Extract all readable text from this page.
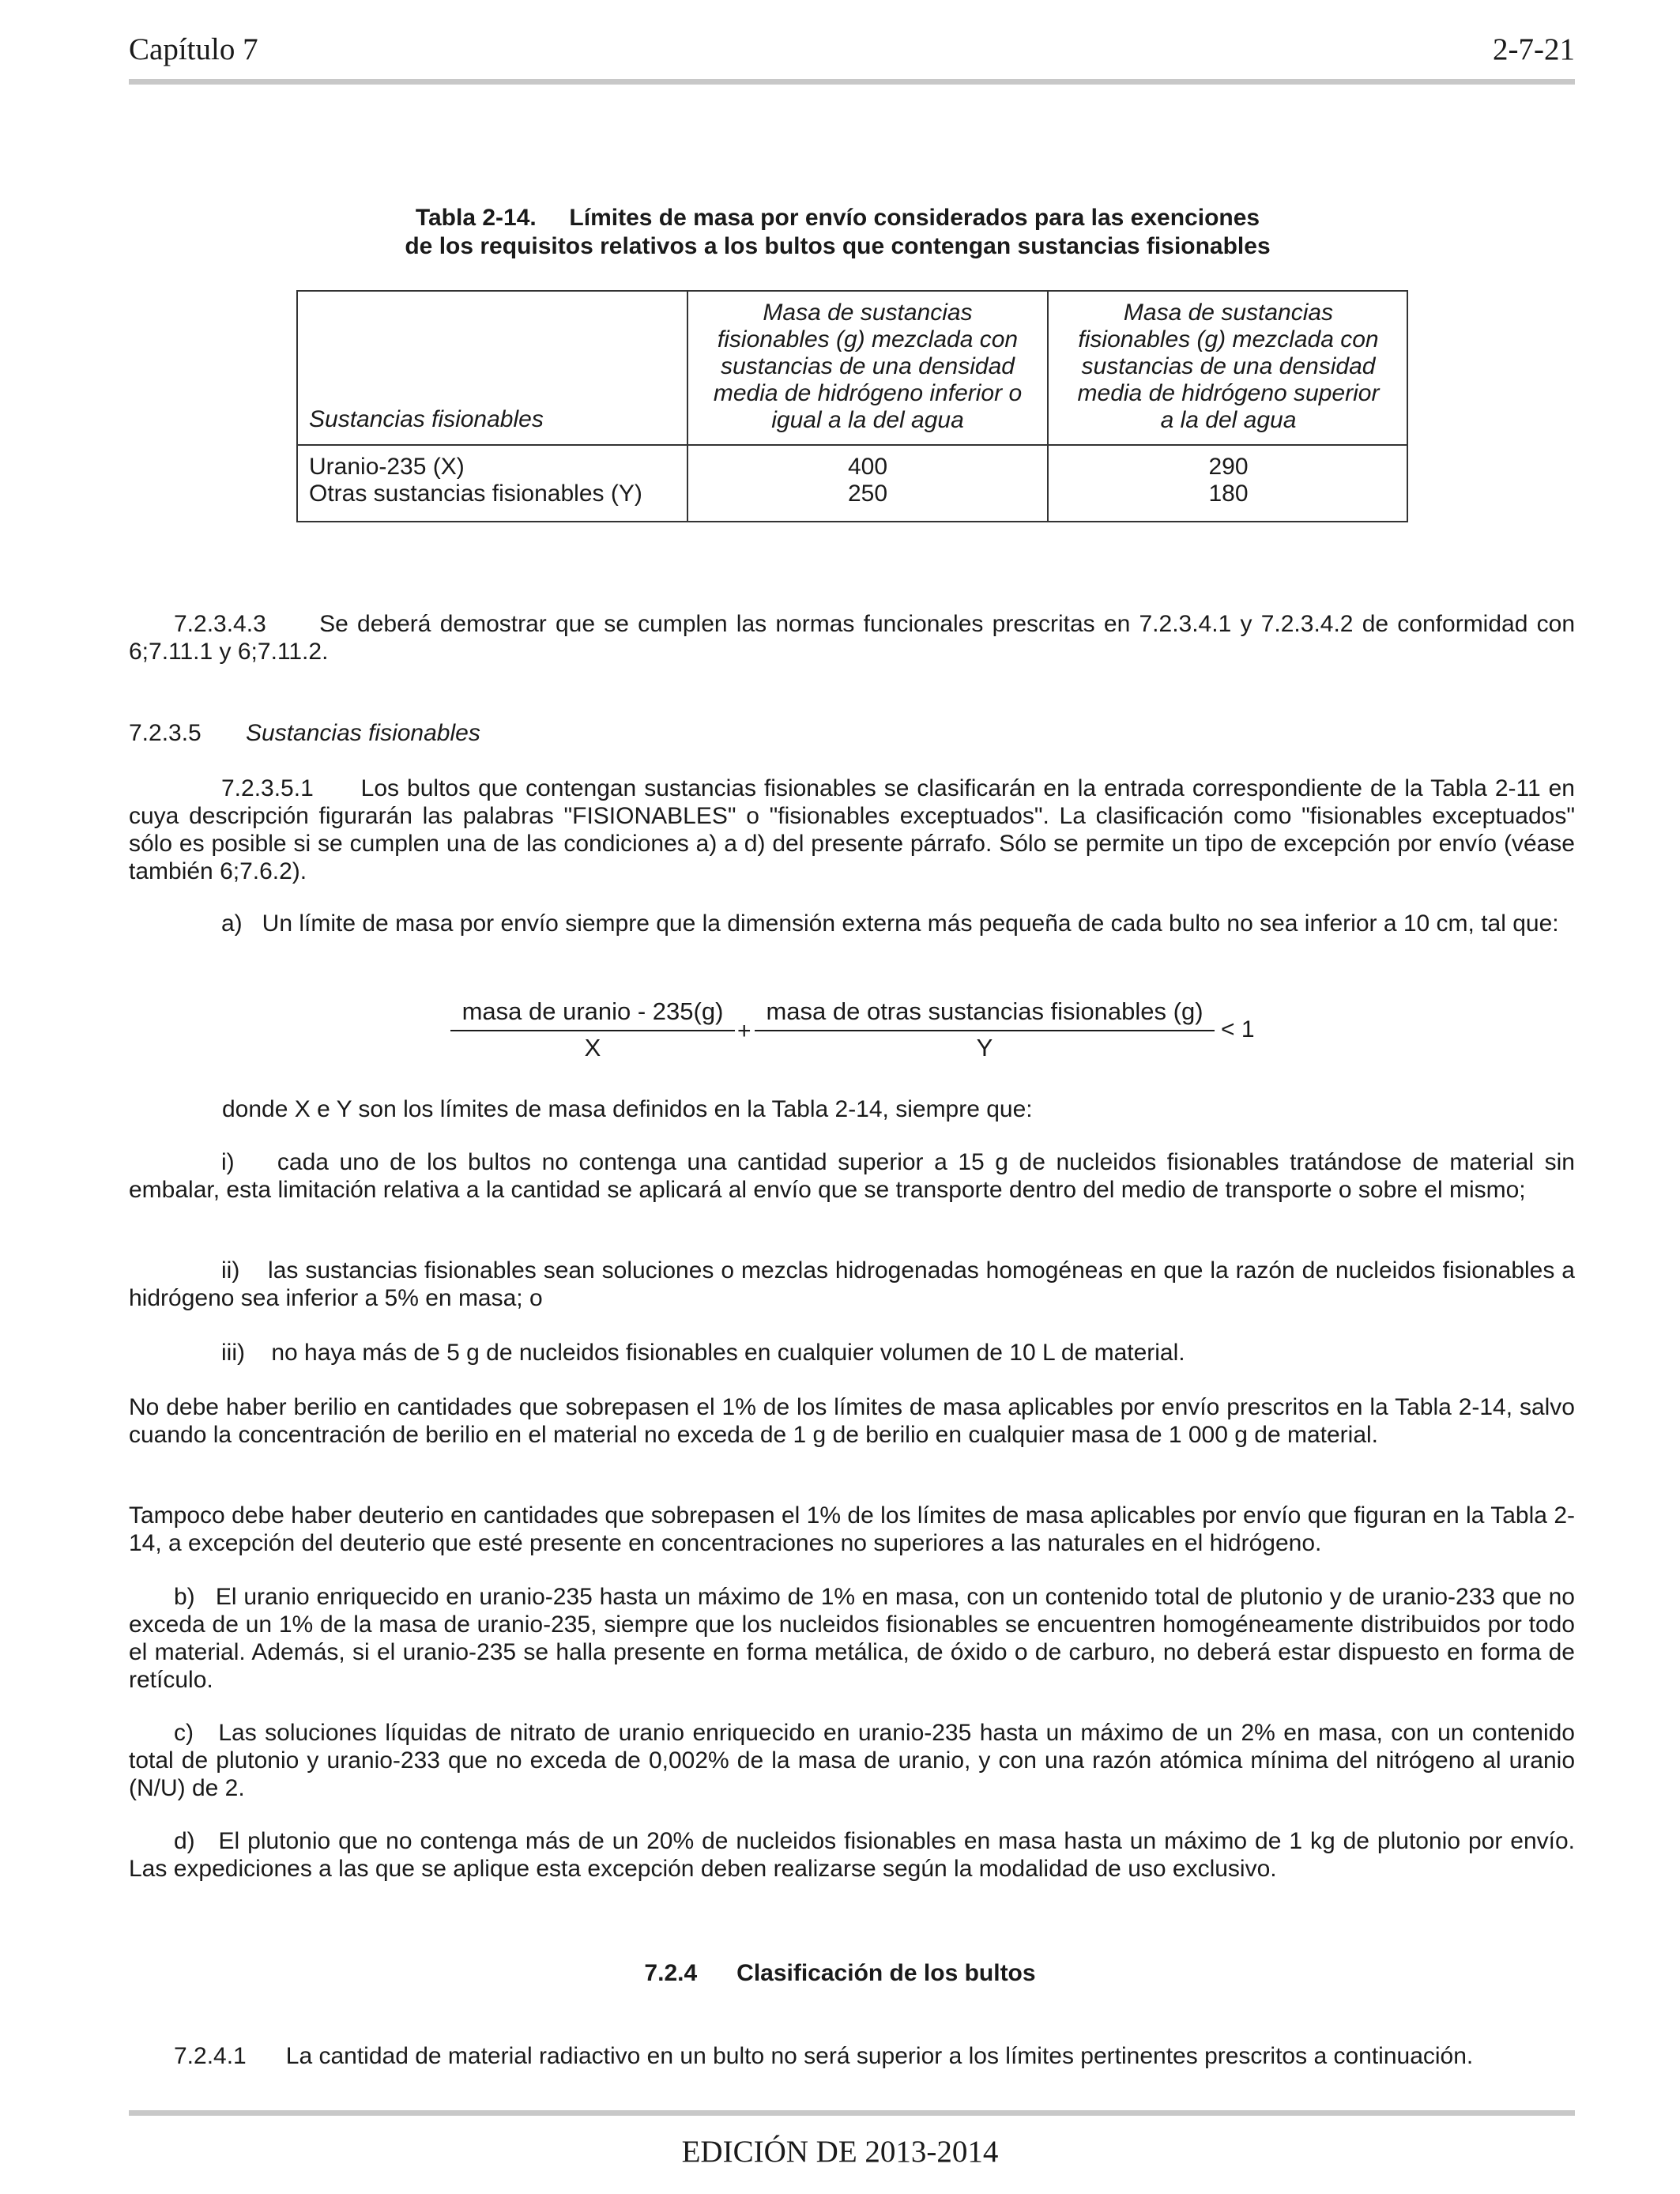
Capítulo 7	2-7-21
Tabla 2-14.     Límites de masa por envío considerados para las exenciones
de los requisitos relativos a los bultos que contengan sustancias fisionables
Sustancias fisionables
Masa de sustancias
fisionables (g) mezclada con
sustancias de una densidad
media de hidrógeno inferior o
igual a la del agua
Masa de sustancias
fisionables (g) mezclada con
sustancias de una densidad
media de hidrógeno superior
a la del agua
Uranio-235 (X)
Otras sustancias fisionables (Y)
400
250
290
180
7.2.3.4.3      Se deberá demostrar que se cumplen las normas funcionales prescritas en 7.2.3.4.1 y 7.2.3.4.2 de conformidad con 6;7.11.1 y 6;7.11.2.
7.2.3.5 Sustancias fisionables
7.2.3.5.1      Los bultos que contengan sustancias fisionables se clasificarán en la entrada correspondiente de la Tabla 2-11 en cuya descripción figurarán las palabras "FISIONABLES" o "fisionables exceptuados". La clasificación como "fisionables exceptuados" sólo es posible si se cumplen una de las condiciones a) a d) del presente párrafo. Sólo se permite un tipo de excepción por envío (véase también 6;7.6.2).
a)   Un límite de masa por envío siempre que la dimensión externa más pequeña de cada bulto no sea inferior a 10 cm, tal que:
masa de uranio - 235(g)
X
+
masa de otras sustancias fisionables (g)
Y
< 1
donde X e Y son los límites de masa definidos en la Tabla 2-14, siempre que:
i)    cada uno de los bultos no contenga una cantidad superior a 15 g de nucleidos fisionables tratándose de material sin embalar, esta limitación relativa a la cantidad se aplicará al envío que se transporte dentro del medio de transporte o sobre el mismo;
ii)    las sustancias fisionables sean soluciones o mezclas hidrogenadas homogéneas en que la razón de nucleidos fisionables a hidrógeno sea inferior a 5% en masa; o
iii)    no haya más de 5 g de nucleidos fisionables en cualquier volumen de 10 L de material.
No debe haber berilio en cantidades que sobrepasen el 1% de los límites de masa aplicables por envío prescritos en la Tabla 2-14, salvo cuando la concentración de berilio en el material no exceda de 1 g de berilio en cualquier masa de 1 000 g de material.
Tampoco debe haber deuterio en cantidades que sobrepasen el 1% de los límites de masa aplicables por envío que figuran en la Tabla 2-14, a excepción del deuterio que esté presente en concentraciones no superiores a las naturales en el hidrógeno.
b)   El uranio enriquecido en uranio-235 hasta un máximo de 1% en masa, con un contenido total de plutonio y de uranio-233 que no exceda de un 1% de la masa de uranio-235, siempre que los nucleidos fisionables se encuentren homogéneamente distribuidos por todo el material. Además, si el uranio-235 se halla presente en forma metálica, de óxido o de carburo, no deberá estar dispuesto en forma de retículo.
c)   Las soluciones líquidas de nitrato de uranio enriquecido en uranio-235 hasta un máximo de un 2% en masa, con un contenido total de plutonio y uranio-233 que no exceda de 0,002% de la masa de uranio, y con una razón atómica mínima del nitrógeno al uranio (N/U) de 2.
d)   El plutonio que no contenga más de un 20% de nucleidos fisionables en masa hasta un máximo de 1 kg de plutonio por envío. Las expediciones a las que se aplique esta excepción deben realizarse según la modalidad de uso exclusivo.
7.2.4      Clasificación de los bultos
7.2.4.1      La cantidad de material radiactivo en un bulto no será superior a los límites pertinentes prescritos a continuación.
EDICIÓN DE 2013-2014
